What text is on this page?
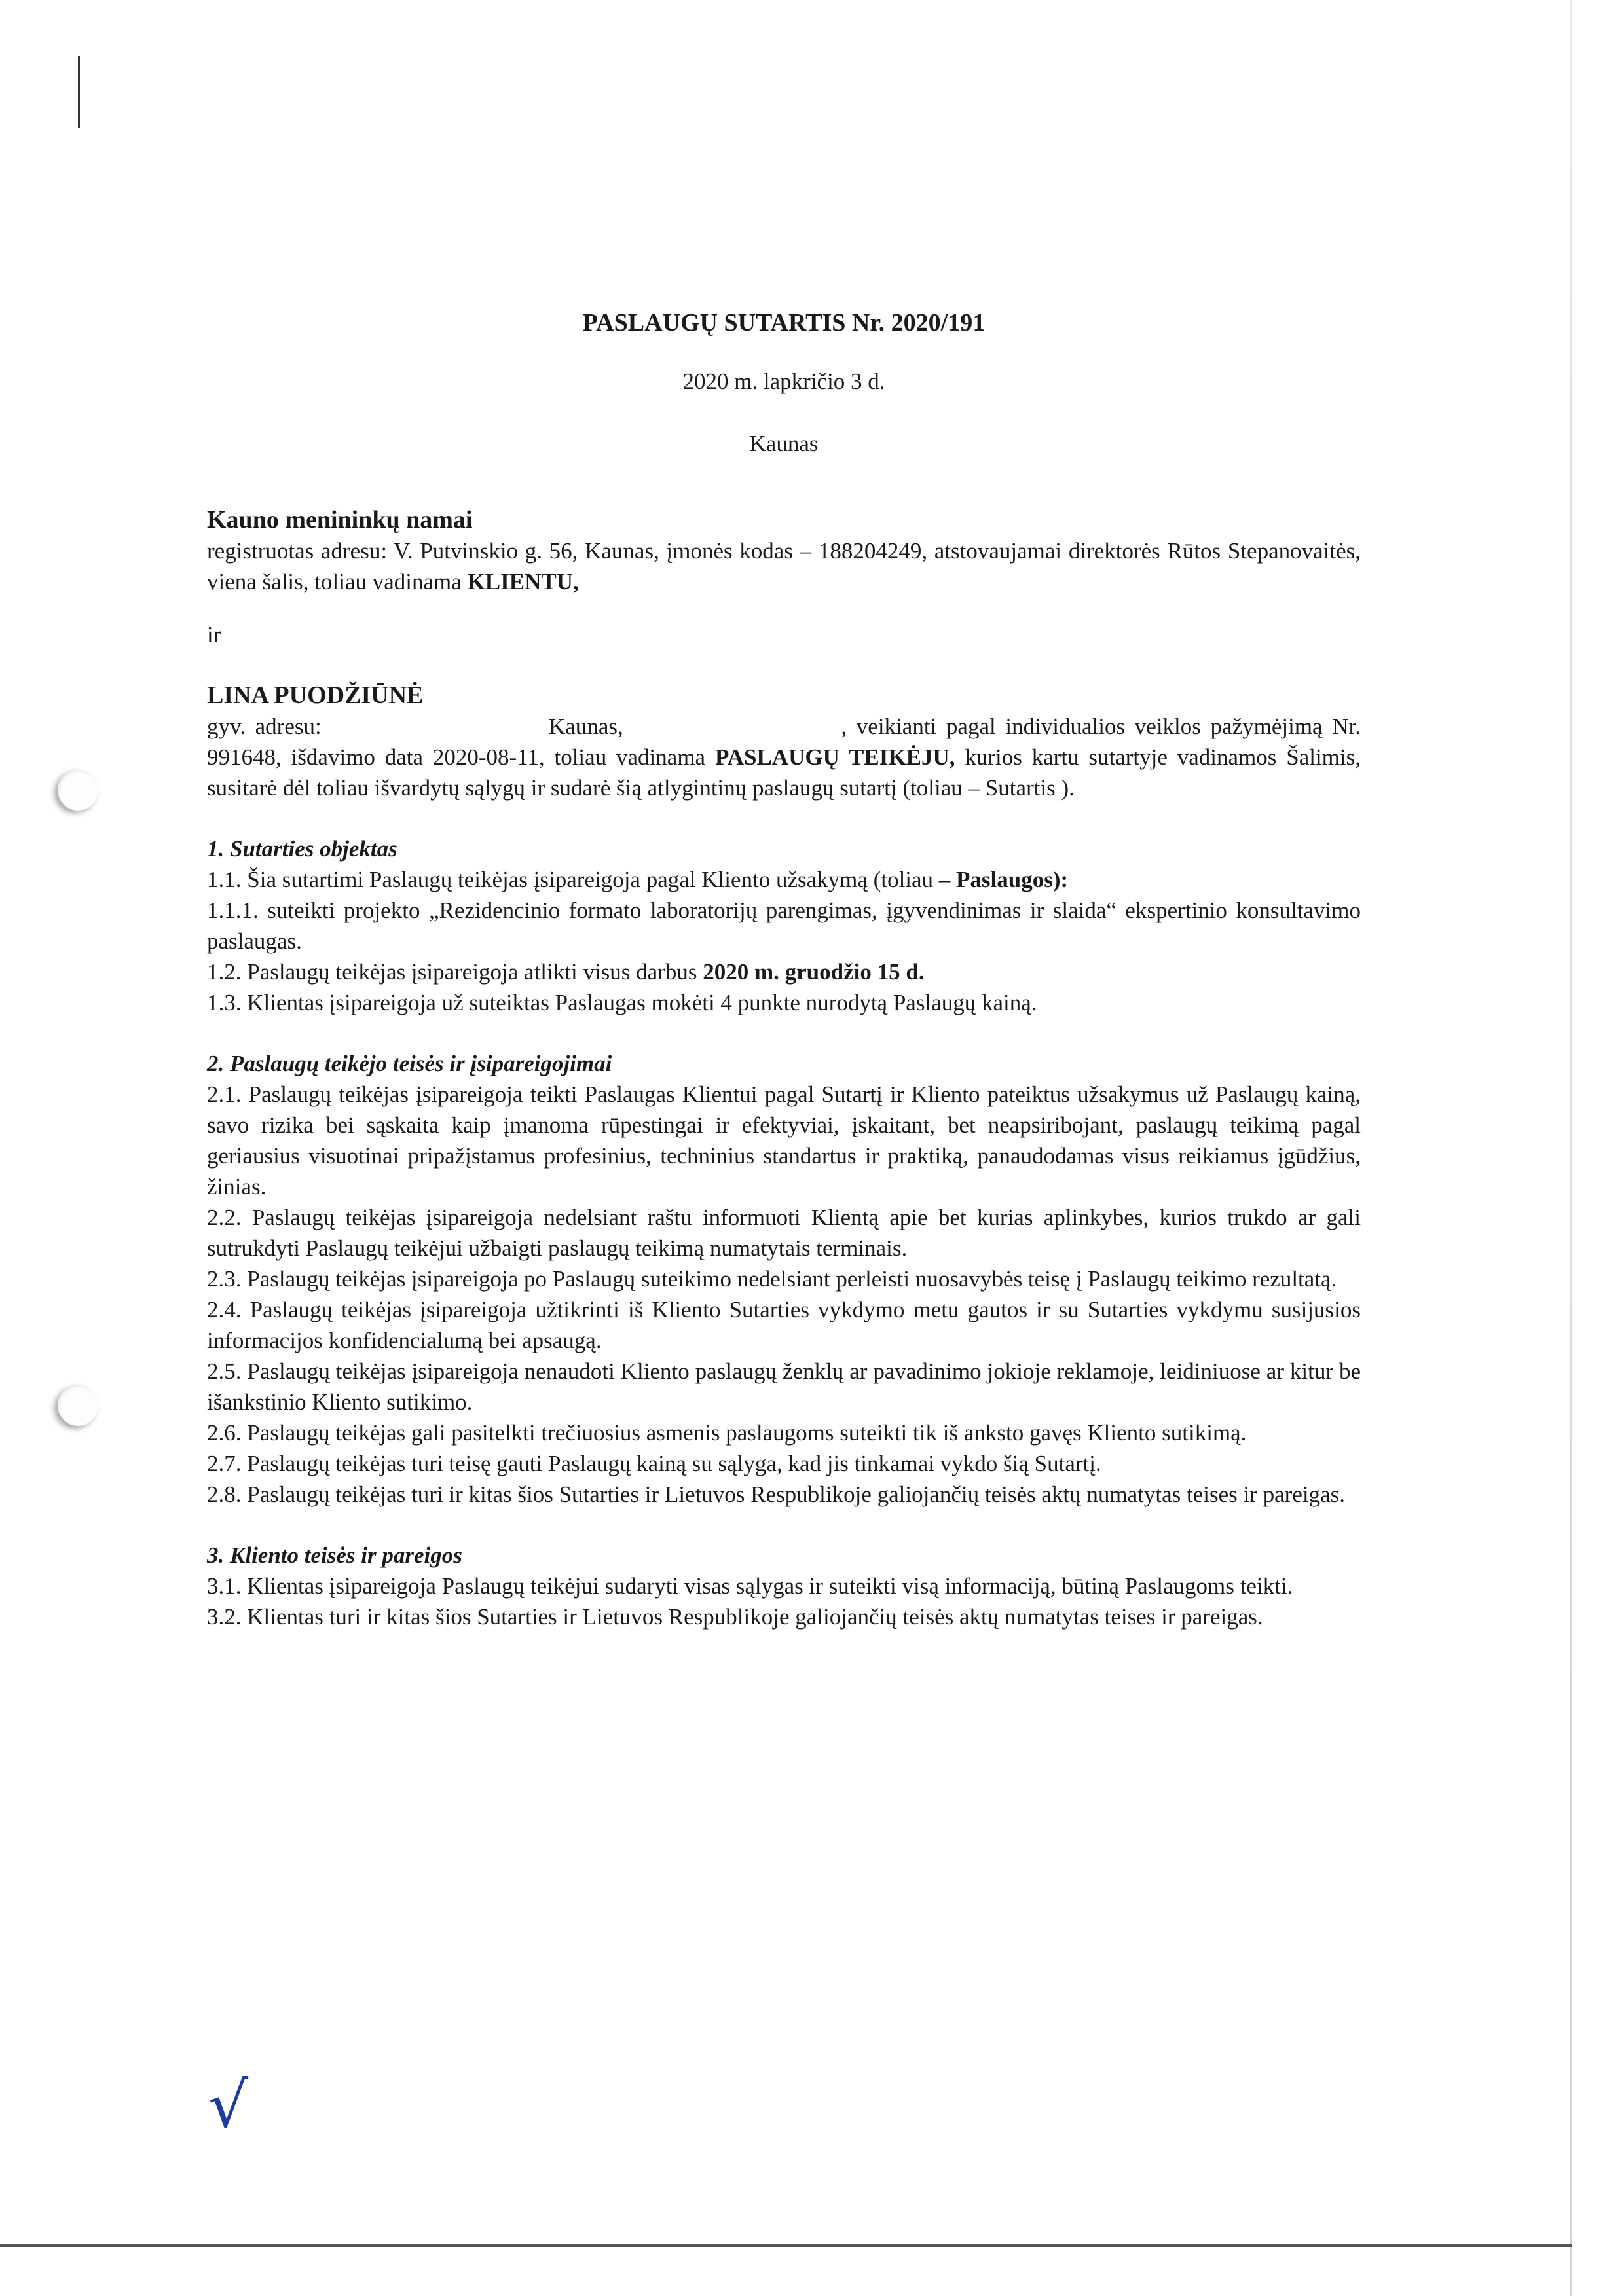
√
PASLAUGŲ SUTARTIS Nr. 2020/191
2020 m. lapkričio 3 d.
Kaunas
Kauno menininkų namai

registruotas adresu: V. Putvinskio g. 56, Kaunas, įmonės kodas – 188204249, atstovaujamai direktorės Rūtos Stepanovaitės, viena šalis, toliau vadinama KLIENTU,

ir

LINA PUODŽIŪNĖ

gyv. adresu:	Kaunas,	, veikianti pagal individualios veiklos pažymėjimą Nr. 991648, išdavimo data 2020-08-11, toliau vadinama PASLAUGŲ TEIKĖJU, kurios kartu sutartyje vadinamos Šalimis, susitarė dėl toliau išvardytų sąlygų ir sudarė šią atlygintinų paslaugų sutartį (toliau – Sutartis ).

1. Sutarties objektas

1.1. Šia sutartimi Paslaugų teikėjas įsipareigoja pagal Kliento užsakymą (toliau – Paslaugos):

1.1.1. suteikti projekto „Rezidencinio formato laboratorijų parengimas, įgyvendinimas ir slaida“ ekspertinio konsultavimo paslaugas.

1.2. Paslaugų teikėjas įsipareigoja atlikti visus darbus 2020 m. gruodžio 15 d.

1.3. Klientas įsipareigoja už suteiktas Paslaugas mokėti 4 punkte nurodytą Paslaugų kainą.

2. Paslaugų teikėjo teisės ir įsipareigojimai

2.1. Paslaugų teikėjas įsipareigoja teikti Paslaugas Klientui pagal Sutartį ir Kliento pateiktus užsakymus už Paslaugų kainą, savo rizika bei sąskaita kaip įmanoma rūpestingai ir efektyviai, įskaitant, bet neapsiribojant, paslaugų teikimą pagal geriausius visuotinai pripažįstamus profesinius, techninius standartus ir praktiką, panaudodamas visus reikiamus įgūdžius, žinias.

2.2. Paslaugų teikėjas įsipareigoja nedelsiant raštu informuoti Klientą apie bet kurias aplinkybes, kurios trukdo ar gali sutrukdyti Paslaugų teikėjui užbaigti paslaugų teikimą numatytais terminais.

2.3. Paslaugų teikėjas įsipareigoja po Paslaugų suteikimo nedelsiant perleisti nuosavybės teisę į Paslaugų teikimo rezultatą.

2.4. Paslaugų teikėjas įsipareigoja užtikrinti iš Kliento Sutarties vykdymo metu gautos ir su Sutarties vykdymu susijusios informacijos konfidencialumą bei apsaugą.

2.5. Paslaugų teikėjas įsipareigoja nenaudoti Kliento paslaugų ženklų ar pavadinimo jokioje reklamoje, leidiniuose ar kitur be išankstinio Kliento sutikimo.

2.6. Paslaugų teikėjas gali pasitelkti trečiuosius asmenis paslaugoms suteikti tik iš anksto gavęs Kliento sutikimą.

2.7. Paslaugų teikėjas turi teisę gauti Paslaugų kainą su sąlyga, kad jis tinkamai vykdo šią Sutartį.

2.8. Paslaugų teikėjas turi ir kitas šios Sutarties ir Lietuvos Respublikoje galiojančių teisės aktų numatytas teises ir pareigas.

3. Kliento teisės ir pareigos

3.1. Klientas įsipareigoja Paslaugų teikėjui sudaryti visas sąlygas ir suteikti visą informaciją, būtiną Paslaugoms teikti.

3.2. Klientas turi ir kitas šios Sutarties ir Lietuvos Respublikoje galiojančių teisės aktų numatytas teises ir pareigas.
